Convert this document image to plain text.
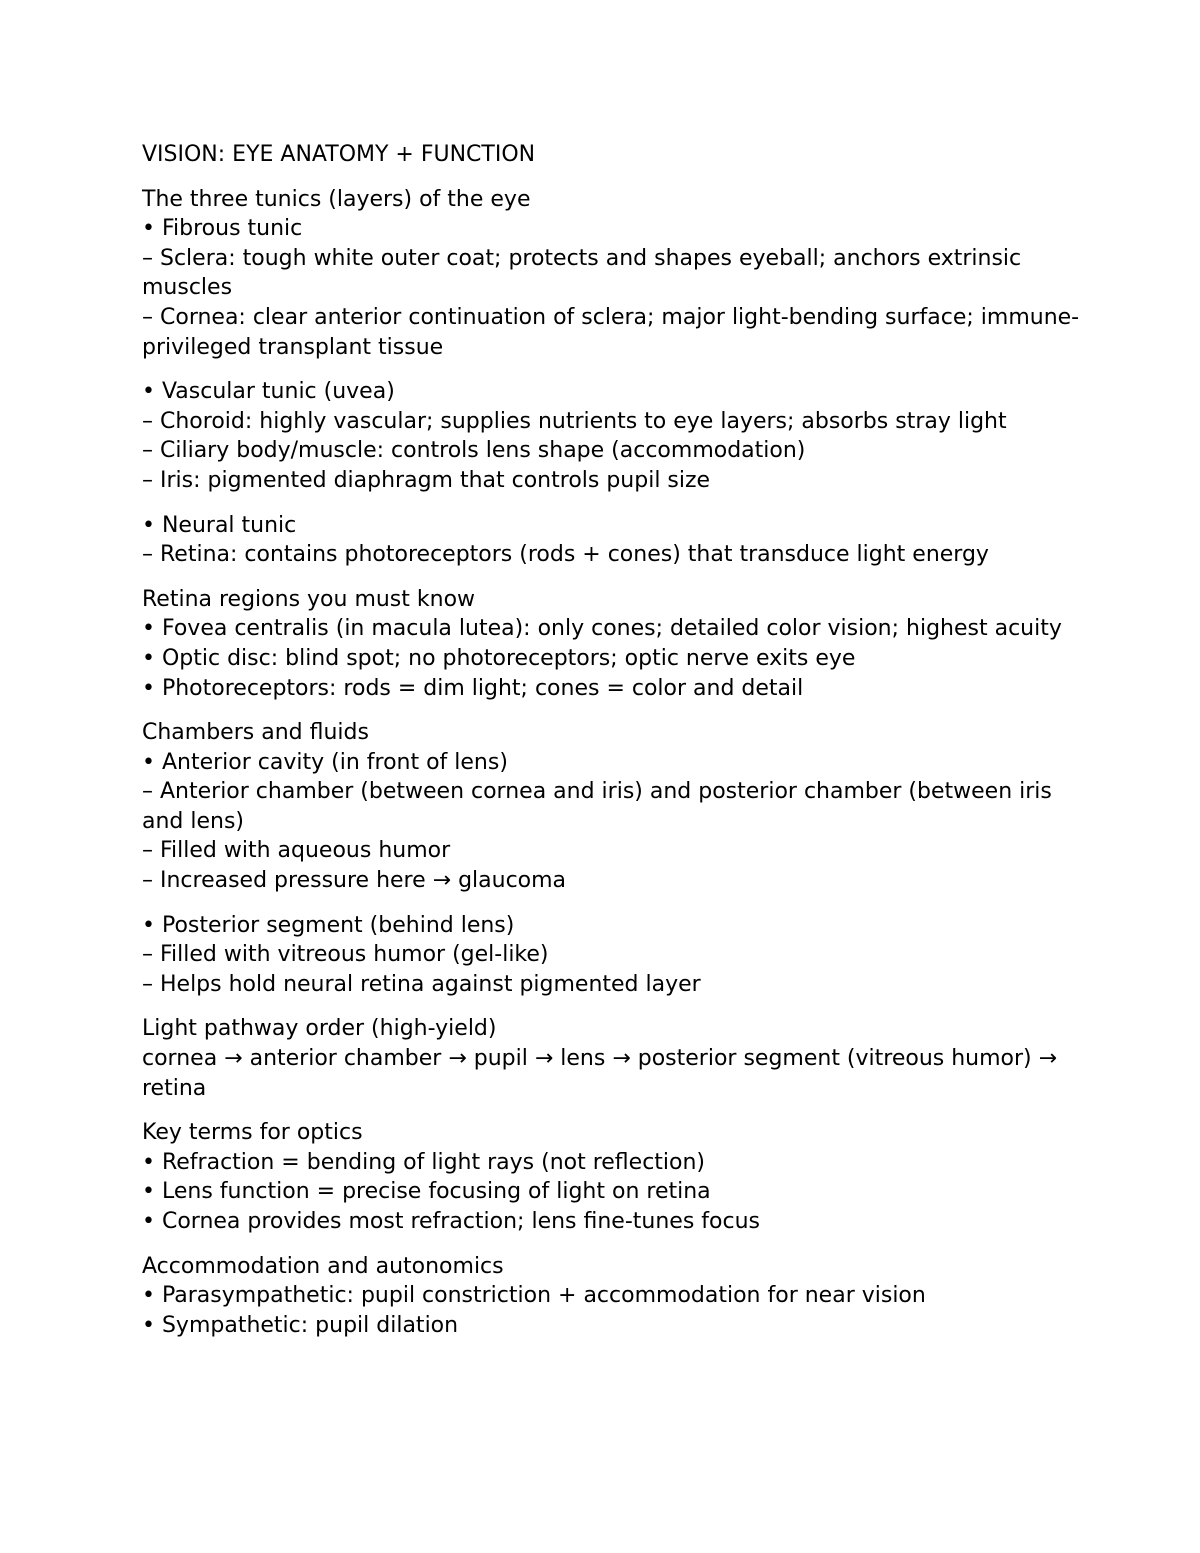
VISION: EYE ANATOMY + FUNCTION
The three tunics (layers) of the eye
• Fibrous tunic
– Sclera: tough white outer coat; protects and shapes eyeball; anchors extrinsic muscles
– Cornea: clear anterior continuation of sclera; major light-bending surface; immune-privileged transplant tissue
• Vascular tunic (uvea)
– Choroid: highly vascular; supplies nutrients to eye layers; absorbs stray light
– Ciliary body/muscle: controls lens shape (accommodation)
– Iris: pigmented diaphragm that controls pupil size
• Neural tunic
– Retina: contains photoreceptors (rods + cones) that transduce light energy
Retina regions you must know
• Fovea centralis (in macula lutea): only cones; detailed color vision; highest acuity
• Optic disc: blind spot; no photoreceptors; optic nerve exits eye
• Photoreceptors: rods = dim light; cones = color and detail
Chambers and fluids
• Anterior cavity (in front of lens)
– Anterior chamber (between cornea and iris) and posterior chamber (between iris and lens)
– Filled with aqueous humor
– Increased pressure here → glaucoma
• Posterior segment (behind lens)
– Filled with vitreous humor (gel-like)
– Helps hold neural retina against pigmented layer
Light pathway order (high-yield)
cornea → anterior chamber → pupil → lens → posterior segment (vitreous humor) → retina
Key terms for optics
• Refraction = bending of light rays (not reflection)
• Lens function = precise focusing of light on retina
• Cornea provides most refraction; lens fine-tunes focus
Accommodation and autonomics
• Parasympathetic: pupil constriction + accommodation for near vision
• Sympathetic: pupil dilation
